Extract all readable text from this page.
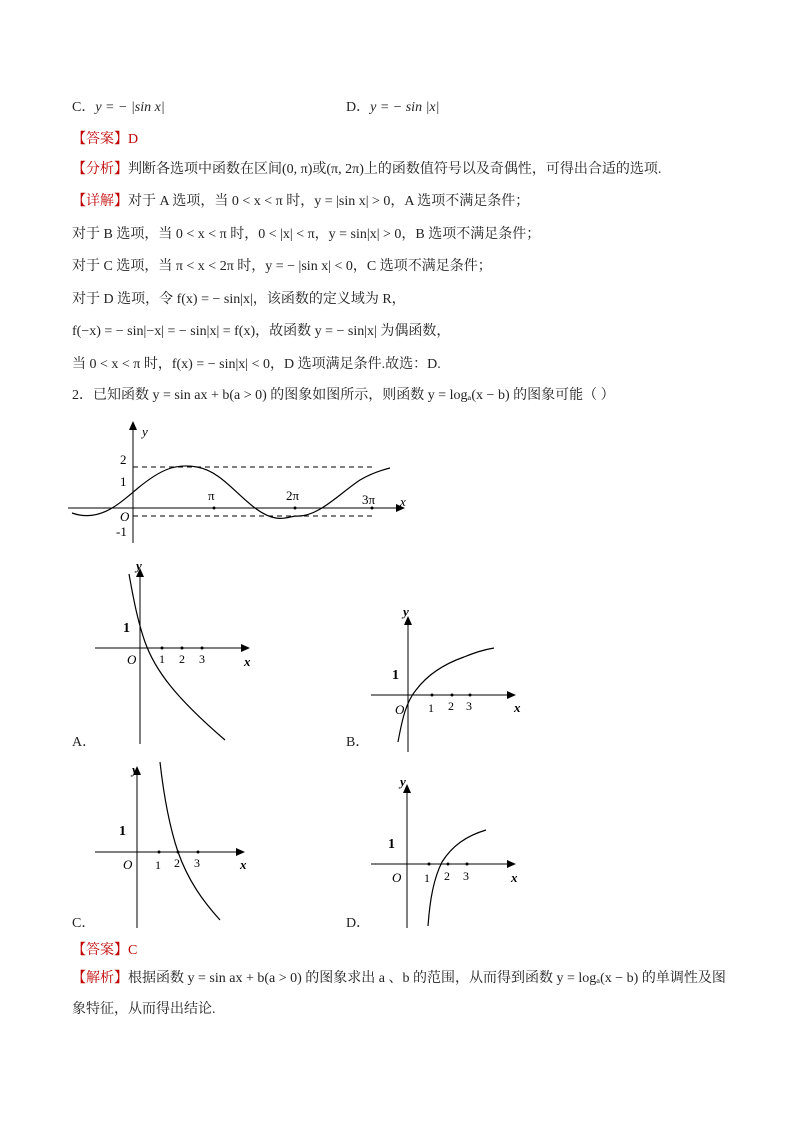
C．y = − |sin x|	D．y = − sin |x|
【答案】D
【分析】判断各选项中函数在区间(0, π)或(π, 2π)上的函数值符号以及奇偶性，可得出合适的选项.
【详解】对于 A 选项，当 0 < x < π 时，y = |sin x| > 0，A 选项不满足条件；
对于 B 选项，当 0 < x < π 时，0 < |x| < π，y = sin|x| > 0，B 选项不满足条件；
对于 C 选项，当 π < x < 2π 时，y = − |sin x| < 0，C 选项不满足条件；
对于 D 选项，令 f(x) = − sin|x|，该函数的定义域为 R，
f(−x) = − sin|−x| = − sin|x| = f(x)，故函数 y = − sin|x| 为偶函数，
当 0 < x < π 时，f(x) = − sin|x| < 0，D 选项满足条件.故选：D.
2．已知函数 y = sin ax + b(a > 0) 的图象如图所示，则函数 y = logₐ(x − b) 的图象可能（ ）
y
x
O
2
1
-1
π	2π	3π
y
x
O
1
1 2 3
A．
y
x
O
1
1 2 3
B．
y
x
O
1
1 2 3
C．
y
x
O
1
1 2 3
D．
【答案】C
【解析】根据函数 y = sin ax + b(a > 0) 的图象求出 a 、b 的范围，从而得到函数 y = logₐ(x − b) 的单调性及图
象特征，从而得出结论.
